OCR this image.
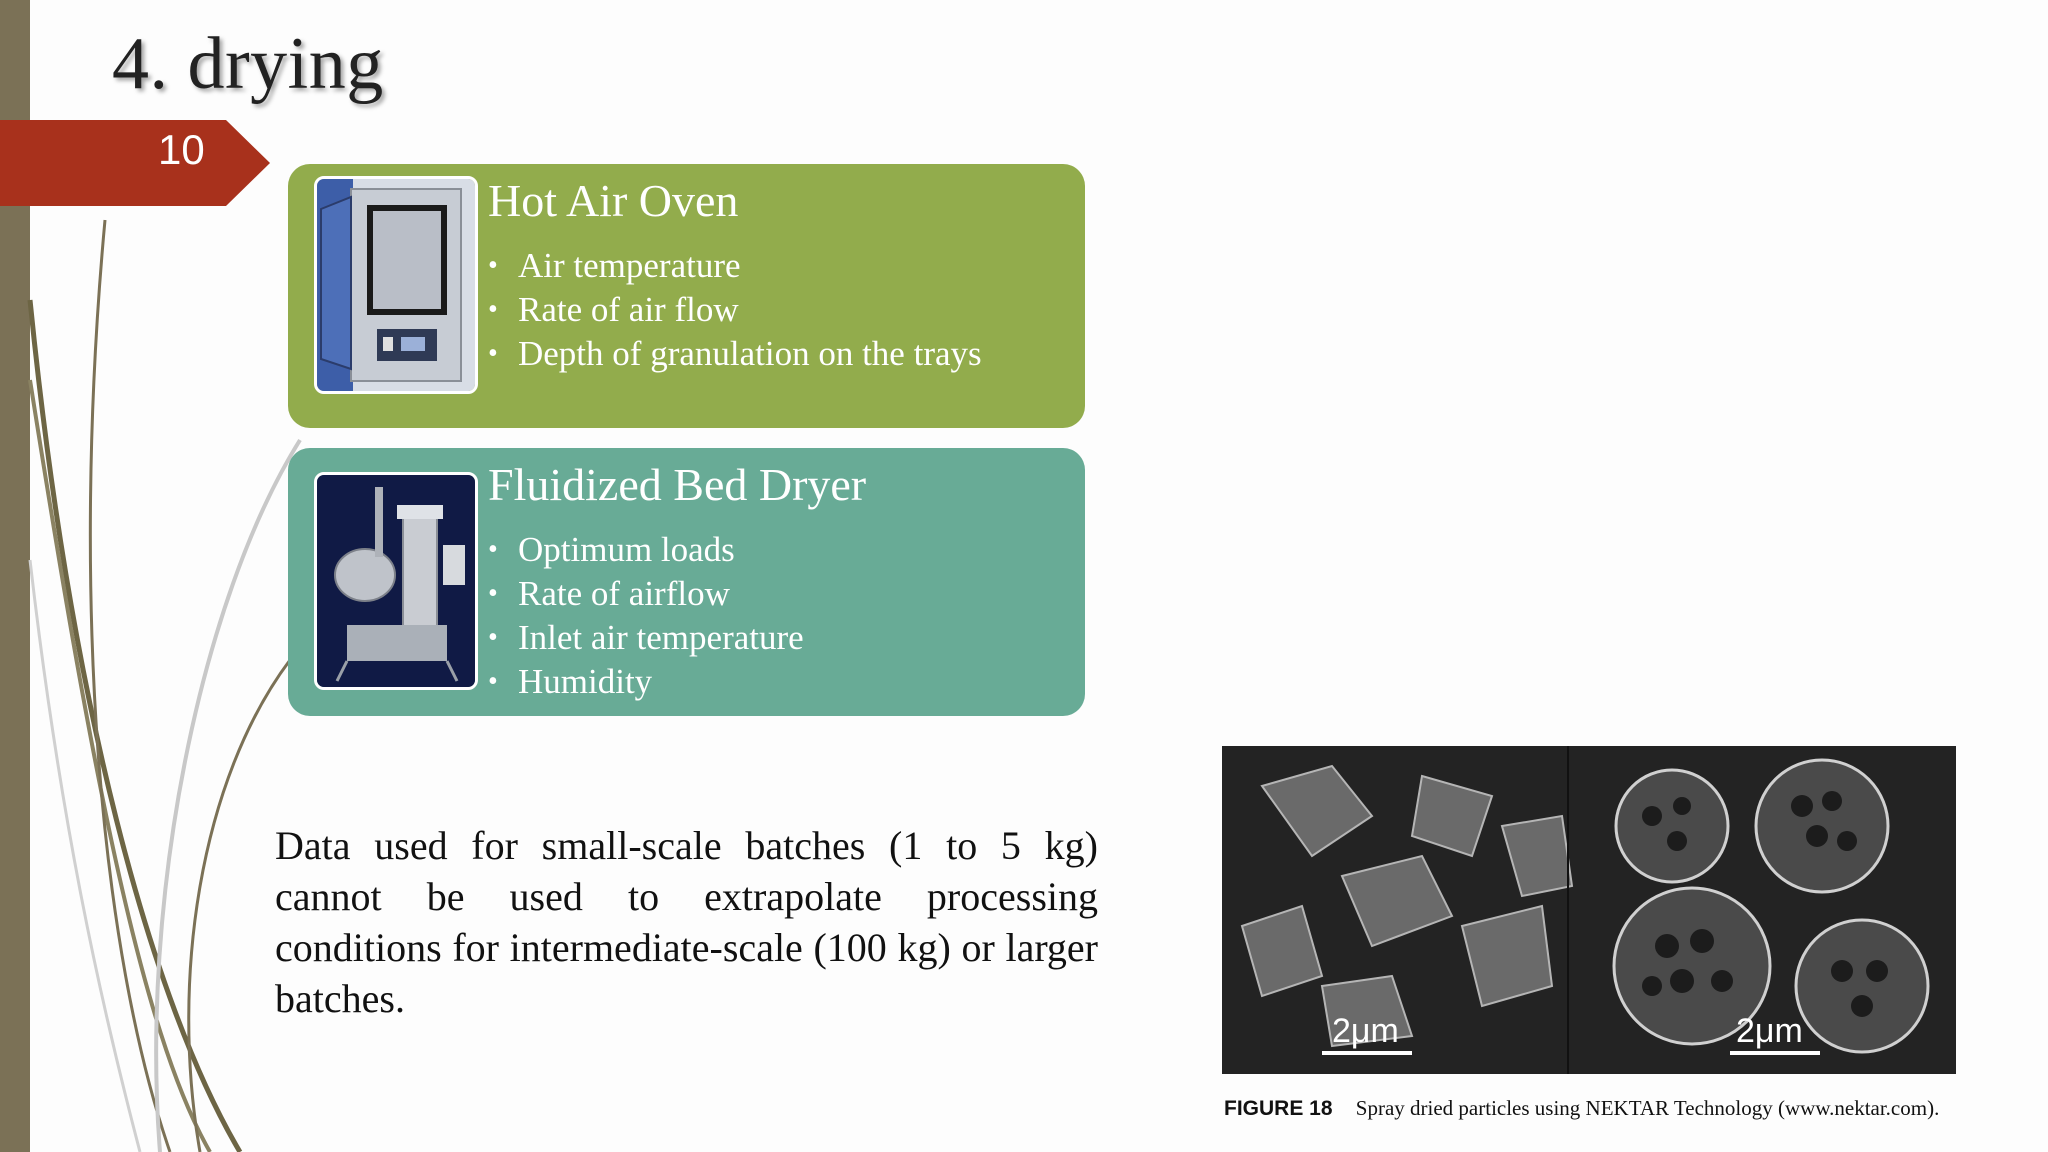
4. drying
10
Hot Air Oven
• Air temperature
• Rate of air flow
• Depth of granulation on the trays
Fluidized Bed Dryer
• Optimum loads
• Rate of airflow
• Inlet air temperature
• Humidity

Data used for small-scale batches (1 to 5 kg) cannot be used to extrapolate processing conditions for intermediate-scale (100 kg) or larger batches.

2μm	2μm
FIGURE 18 Spray dried particles using NEKTAR Technology (www.nektar.com).
